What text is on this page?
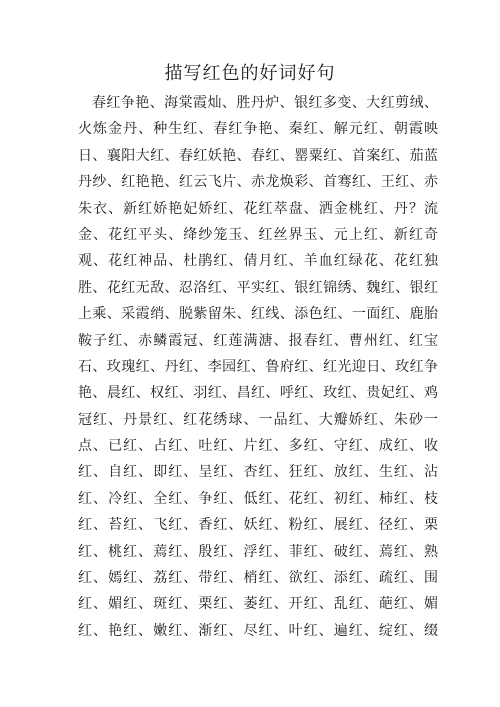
描写红色的好词好句
春红争艳、海棠霞灿、胜丹炉、银红多变、大红剪绒、
火炼金丹、种生红、春红争艳、秦红、解元红、朝霞映
日、襄阳大红、春红妖艳、春红、罂粟红、首案红、茄蓝
丹纱、红艳艳、红云飞片、赤龙焕彩、首骞红、王红、赤
朱衣、新红娇艳妃娇红、花红萃盘、洒金桃红、丹？流
金、花红平头、绛纱笼玉、红丝界玉、元上红、新红奇
观、花红神品、杜鹃红、倩月红、羊血红绿花、花红独
胜、花红无敌、忍洛红、平实红、银红锦绣、魏红、银红
上乘、采霞绡、脱紫留朱、红线、添色红、一面红、鹿胎
鞍子红、赤鳞霞冠、红莲满溏、报春红、曹州红、红宝
石、玫瑰红、丹红、李园红、鲁府红、红光迎日、玫红争
艳、晨红、权红、羽红、昌红、呼红、玫红、贵妃红、鸡
冠红、丹景红、红花绣球、一品红、大瓣娇红、朱砂一
点、已红、占红、吐红、片红、多红、守红、成红、收
红、自红、即红、呈红、杏红、狂红、放红、生红、沾
红、冷红、全红、争红、低红、花红、初红、柿红、枝
红、苔红、飞红、香红、妖红、粉红、展红、径红、栗
红、桃红、蔫红、殷红、浮红、菲红、破红、蔫红、熟
红、嫣红、荔红、带红、梢红、欲红、添红、疏红、围
红、媚红、斑红、栗红、萎红、开红、乱红、葩红、媚
红、艳红、嫩红、渐红、尽红、叶红、遍红、绽红、缀
